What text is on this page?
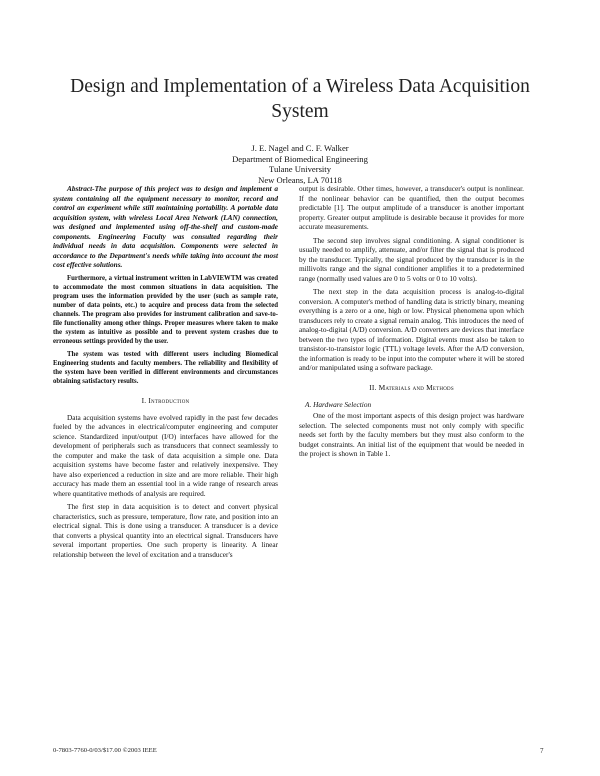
Design and Implementation of a Wireless Data Acquisition System
J. E. Nagel and C. F. Walker
Department of Biomedical Engineering
Tulane University
New Orleans, LA 70118

Abstract-The purpose of this project was to design and implement a system containing all the equipment necessary to monitor, record and control an experiment while still maintaining portability. A portable data acquisition system, with wireless Local Area Network (LAN) connection, was designed and implemented using off-the-shelf and custom-made components. Engineering Faculty was consulted regarding their individual needs in data acquisition. Components were selected in accordance to the Department's needs while taking into account the most cost effective solutions.

Furthermore, a virtual instrument written in LabVIEWTM was created to accommodate the most common situations in data acquisition. The program uses the information provided by the user (such as sample rate, number of data points, etc.) to acquire and process data from the selected channels. The program also provides for instrument calibration and save-to-file functionality among other things. Proper measures where taken to make the system as intuitive as possible and to prevent system crashes due to erroneous settings provided by the user.

The system was tested with different users including Biomedical Engineering students and faculty members. The reliability and flexibility of the system have been verified in different environments and circumstances obtaining satisfactory results.

I. Introduction

Data acquisition systems have evolved rapidly in the past few decades fueled by the advances in electrical/computer engineering and computer science. Standardized input/output (I/O) interfaces have allowed for the development of peripherals such as transducers that connect seamlessly to the computer and make the task of data acquisition a simple one. Data acquisition systems have become faster and relatively inexpensive. They have also experienced a reduction in size and are more reliable. Their high accuracy has made them an essential tool in a wide range of research areas where quantitative methods of analysis are required.

The first step in data acquisition is to detect and convert physical characteristics, such as pressure, temperature, flow rate, and position into an electrical signal. This is done using a transducer. A transducer is a device that converts a physical quantity into an electrical signal. Transducers have several important properties. One such property is linearity. A linear relationship between the level of excitation and a transducer's

output is desirable. Other times, however, a transducer's output is nonlinear. If the nonlinear behavior can be quantified, then the output becomes predictable [1]. The output amplitude of a transducer is another important property. Greater output amplitude is desirable because it provides for more accurate measurements.

The second step involves signal conditioning. A signal conditioner is usually needed to amplify, attenuate, and/or filter the signal that is produced by the transducer. Typically, the signal produced by the transducer is in the millivolts range and the signal conditioner amplifies it to a predetermined range (normally used values are 0 to 5 volts or 0 to 10 volts).

The next step in the data acquisition process is analog-to-digital conversion. A computer's method of handling data is strictly binary, meaning everything is a zero or a one, high or low. Physical phenomena upon which transducers rely to create a signal remain analog. This introduces the need of analog-to-digital (A/D) conversion. A/D converters are devices that interface between the two types of information. Digital events must also be taken to transistor-to-transistor logic (TTL) voltage levels. After the A/D conversion, the information is ready to be input into the computer where it will be stored and/or manipulated using a software package.

II. Materials and Methods
A. Hardware Selection

One of the most important aspects of this design project was hardware selection. The selected components must not only comply with specific needs set forth by the faculty members but they must also conform to the budget constraints. An initial list of the equipment that would be needed in the project is shown in Table 1.

0-7803-7760-0/03/$17.00 ©2003 IEEE	7
